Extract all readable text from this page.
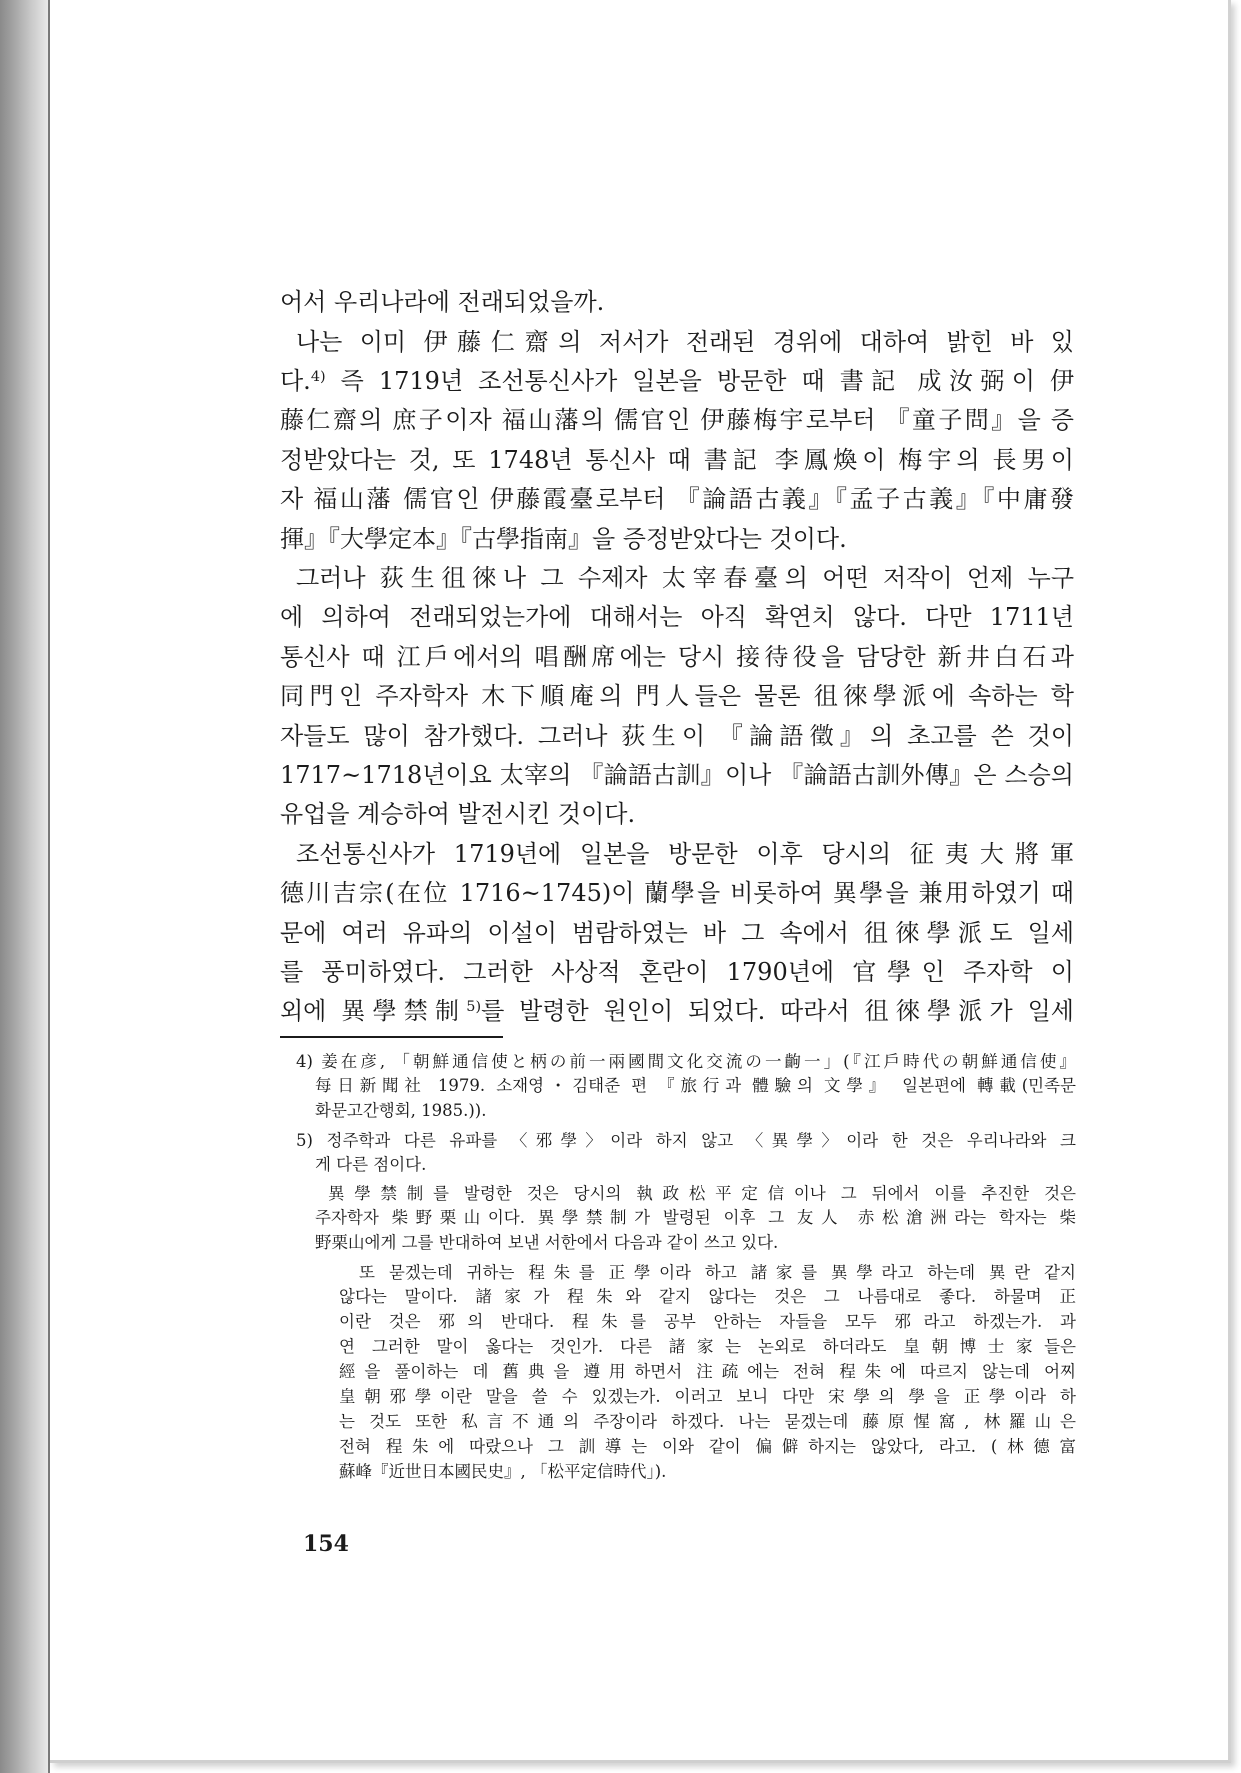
어서 우리나라에 전래되었을까.
나는 이미 伊藤仁齋의 저서가 전래된 경위에 대하여 밝힌 바 있
다.$^{4)}$ 즉 1719년 조선통신사가 일본을 방문한 때 書記 成汝弼이 伊
藤仁齋의 庶子이자 福山藩의 儒官인 伊藤梅宇로부터 『童子問』을 증
정받았다는 것, 또 1748년 통신사 때 書記 李鳳煥이 梅宇의 長男이
자 福山藩 儒官인 伊藤霞臺로부터 『論語古義』『孟子古義』『中庸發
揮』『大學定本』『古學指南』을 증정받았다는 것이다.
그러나 荻生徂徠나 그 수제자 太宰春臺의 어떤 저작이 언제 누구
에 의하여 전래되었는가에 대해서는 아직 확연치 않다. 다만 1711년
통신사 때 江戶에서의 唱酬席에는 당시 接待役을 담당한 新井白石과
同門인 주자학자 木下順庵의 門人들은 물론 徂徠學派에 속하는 학
자들도 많이 참가했다. 그러나 荻生이 『論語徵』의 초고를 쓴 것이
1717~1718년이요 太宰의 『論語古訓』이나 『論語古訓外傳』은 스승의
유업을 계승하여 발전시킨 것이다.
조선통신사가 1719년에 일본을 방문한 이후 당시의 征夷大將軍
德川吉宗(在位 1716~1745)이 蘭學을 비롯하여 異學을 兼用하였기 때
문에 여러 유파의 이설이 범람하였는 바 그 속에서 徂徠學派도 일세
를 풍미하였다. 그러한 사상적 혼란이 1790년에 官學인 주자학 이
외에 異學禁制$^{5)}$를 발령한 원인이 되었다. 따라서 徂徠學派가 일세
4) 姜在彦, 「朝鮮通信使と柄の前一兩國間文化交流の一齣一」(『江戶時代の朝鮮通信使』
每日新聞社 1979. 소재영・김태준 편 『旅行과 體驗의 文學』 일본편에 轉載(민족문
화문고간행회, 1985.)).
5) 정주학과 다른 유파를 〈邪學〉이라 하지 않고 〈異學〉이라 한 것은 우리나라와 크
게 다른 점이다.
異學禁制를 발령한 것은 당시의 執政松平定信이나 그 뒤에서 이를 추진한 것은
주자학자 柴野栗山이다. 異學禁制가 발령된 이후 그 友人 赤松滄洲라는 학자는 柴
野栗山에게 그를 반대하여 보낸 서한에서 다음과 같이 쓰고 있다.
또 묻겠는데 귀하는 程朱를 正學이라 하고 諸家를 異學라고 하는데 異란 같지
않다는 말이다. 諸家가 程朱와 같지 않다는 것은 그 나름대로 좋다. 하물며 正
이란 것은 邪의 반대다. 程朱를 공부 안하는 자들을 모두 邪라고 하겠는가. 과
연 그러한 말이 옳다는 것인가. 다른 諸家는 논외로 하더라도 皇朝博士家들은
經을 풀이하는 데 舊典을 遵用하면서 注疏에는 전혀 程朱에 따르지 않는데 어찌
皇朝邪學이란 말을 쓸 수 있겠는가. 이러고 보니 다만 宋學의 學을 正學이라 하
는 것도 또한 私言不通의 주장이라 하겠다. 나는 묻겠는데 藤原惺窩, 林羅山은
전혀 程朱에 따랐으나 그 訓導는 이와 같이 偏僻하지는 않았다, 라고. (林德富
蘇峰『近世日本國民史』, 「松平定信時代」).
154
